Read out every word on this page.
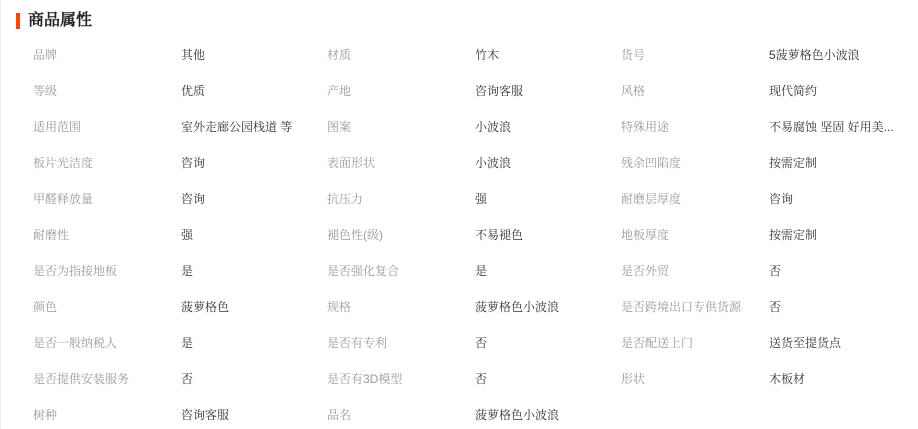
商品属性
品牌	其他	材质	竹木	货号	5菠萝格色小波浪
等级	优质	产地	咨询客服	风格	现代简约
适用范围	室外走廊公园栈道 等	图案	小波浪	特殊用途	不易腐蚀 坚固 好用美...
板片光洁度	咨询	表面形状	小波浪	残余凹陷度	按需定制
甲醛释放量	咨询	抗压力	强	耐磨层厚度	咨询
耐磨性	强	褪色性(级)	不易褪色	地板厚度	按需定制
是否为指接地板	是	是否强化复合	是	是否外贸	否
颜色	菠萝格色	规格	菠萝格色小波浪	是否跨境出口专供货源	否
是否一般纳税人	是	是否有专利	否	是否配送上门	送货至提货点
是否提供安装服务	否	是否有3D模型	否	形状	木板材
树种	咨询客服	品名	菠萝格色小波浪
